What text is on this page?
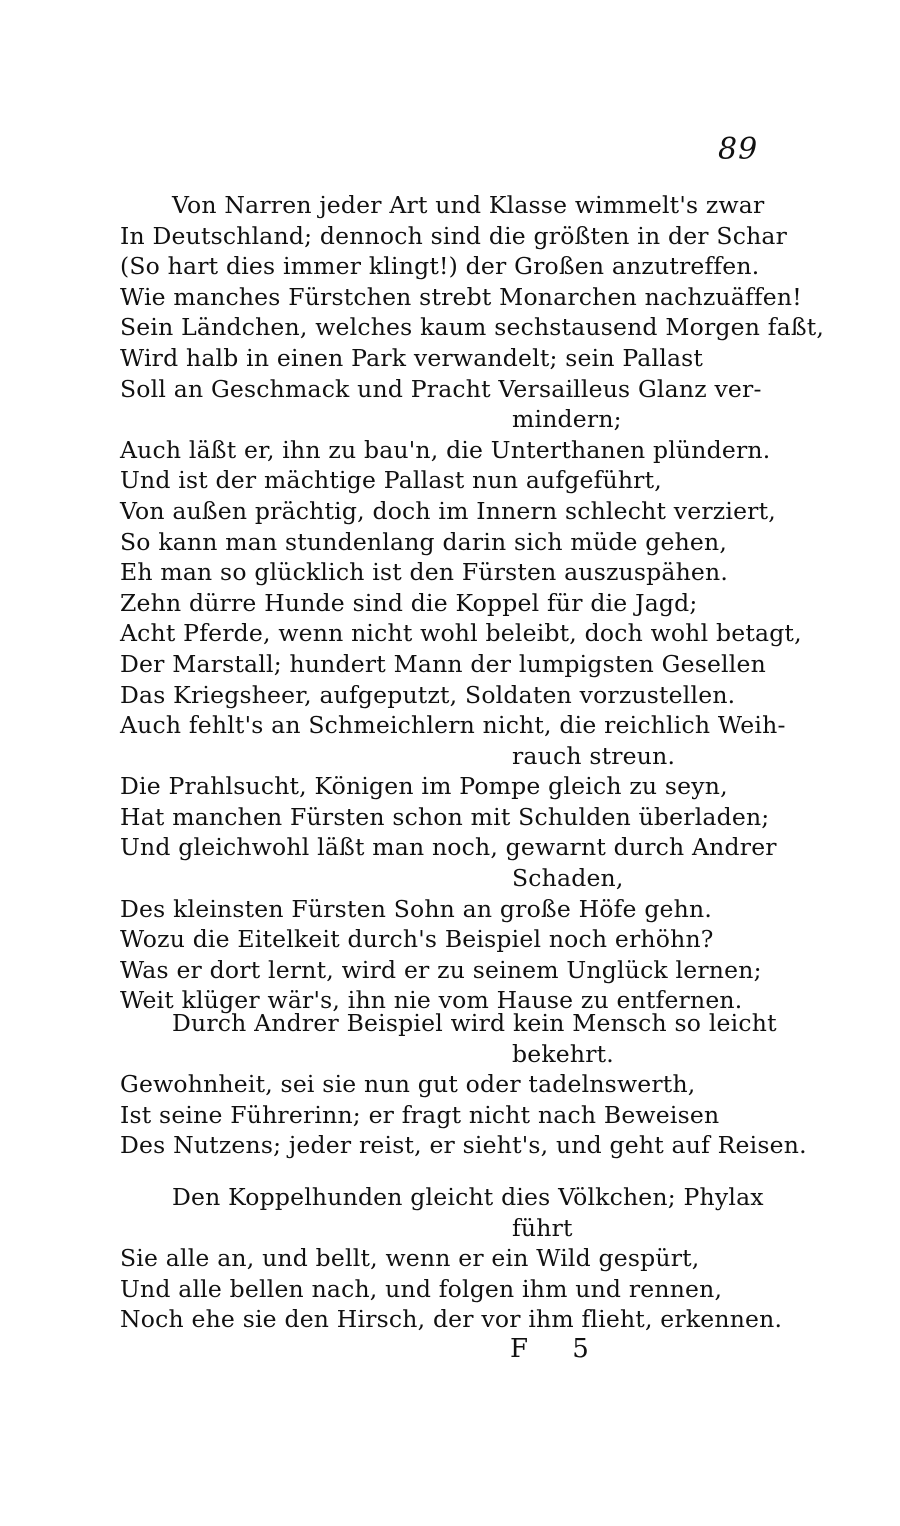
89
Von Narren jeder Art und Klasse wimmelt's zwar
In Deutschland; dennoch sind die größten in der Schar
(So hart dies immer klingt!) der Großen anzutreffen.
Wie manches Fürstchen strebt Monarchen nachzuäffen!
Sein Ländchen, welches kaum sechstausend Morgen faßt,
Wird halb in einen Park verwandelt; sein Pallast
Soll an Geschmack und Pracht Versailleus Glanz ver-
mindern;
Auch läßt er, ihn zu bau'n, die Unterthanen plündern.
Und ist der mächtige Pallast nun aufgeführt,
Von außen prächtig, doch im Innern schlecht verziert,
So kann man stundenlang darin sich müde gehen,
Eh man so glücklich ist den Fürsten auszuspähen.
Zehn dürre Hunde sind die Koppel für die Jagd;
Acht Pferde, wenn nicht wohl beleibt, doch wohl betagt,
Der Marstall; hundert Mann der lumpigsten Gesellen
Das Kriegsheer, aufgeputzt, Soldaten vorzustellen.
Auch fehlt's an Schmeichlern nicht, die reichlich Weih-
rauch streun.
Die Prahlsucht, Königen im Pompe gleich zu seyn,
Hat manchen Fürsten schon mit Schulden überladen;
Und gleichwohl läßt man noch, gewarnt durch Andrer
Schaden,
Des kleinsten Fürsten Sohn an große Höfe gehn.
Wozu die Eitelkeit durch's Beispiel noch erhöhn?
Was er dort lernt, wird er zu seinem Unglück lernen;
Weit klüger wär's, ihn nie vom Hause zu entfernen.
Durch Andrer Beispiel wird kein Mensch so leicht
bekehrt.
Gewohnheit, sei sie nun gut oder tadelnswerth,
Ist seine Führerinn; er fragt nicht nach Beweisen
Des Nutzens; jeder reist, er sieht's, und geht auf Reisen.
Den Koppelhunden gleicht dies Völkchen; Phylax
führt
Sie alle an, und bellt, wenn er ein Wild gespürt,
Und alle bellen nach, und folgen ihm und rennen,
Noch ehe sie den Hirsch, der vor ihm flieht, erkennen.
F 5
